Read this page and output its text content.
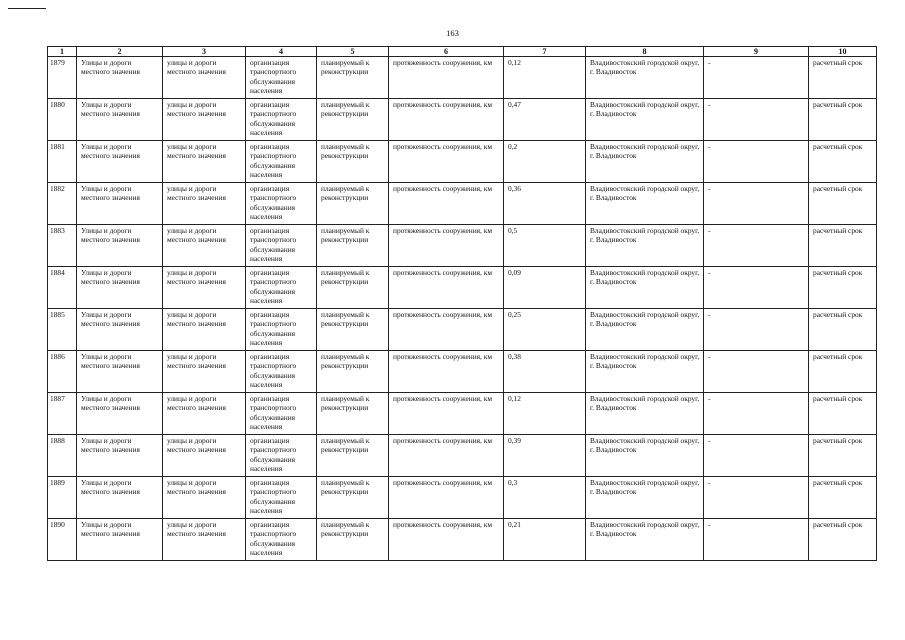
163
1	2	3	4	5	6	7	8	9	10
1879	Улицы и дороги местного значения	улицы и дороги местного значения	организация транспортного обслуживания населения	планируемый к реконструкции	протяженность сооружения, км	0,12	Владивостокский городской округ, г. Владивосток	-	расчетный срок
1880	Улицы и дороги местного значения	улицы и дороги местного значения	организация транспортного обслуживания населения	планируемый к реконструкции	протяженность сооружения, км	0,47	Владивостокский городской округ, г. Владивосток	-	расчетный срок
1881	Улицы и дороги местного значения	улицы и дороги местного значения	организация транспортного обслуживания населения	планируемый к реконструкции	протяженность сооружения, км	0,2	Владивостокский городской округ, г. Владивосток	-	расчетный срок
1882	Улицы и дороги местного значения	улицы и дороги местного значения	организация транспортного обслуживания населения	планируемый к реконструкции	протяженность сооружения, км	0,36	Владивостокский городской округ, г. Владивосток	-	расчетный срок
1883	Улицы и дороги местного значения	улицы и дороги местного значения	организация транспортного обслуживания населения	планируемый к реконструкции	протяженность сооружения, км	0,5	Владивостокский городской округ, г. Владивосток	-	расчетный срок
1884	Улицы и дороги местного значения	улицы и дороги местного значения	организация транспортного обслуживания населения	планируемый к реконструкции	протяженность сооружения, км	0,09	Владивостокский городской округ, г. Владивосток	-	расчетный срок
1885	Улицы и дороги местного значения	улицы и дороги местного значения	организация транспортного обслуживания населения	планируемый к реконструкции	протяженность сооружения, км	0,25	Владивостокский городской округ, г. Владивосток	-	расчетный срок
1886	Улицы и дороги местного значения	улицы и дороги местного значения	организация транспортного обслуживания населения	планируемый к реконструкции	протяженность сооружения, км	0,38	Владивостокский городской округ, г. Владивосток	-	расчетный срок
1887	Улицы и дороги местного значения	улицы и дороги местного значения	организация транспортного обслуживания населения	планируемый к реконструкции	протяженность сооружения, км	0,12	Владивостокский городской округ, г. Владивосток	-	расчетный срок
1888	Улицы и дороги местного значения	улицы и дороги местного значения	организация транспортного обслуживания населения	планируемый к реконструкции	протяженность сооружения, км	0,39	Владивостокский городской округ, г. Владивосток	-	расчетный срок
1889	Улицы и дороги местного значения	улицы и дороги местного значения	организация транспортного обслуживания населения	планируемый к реконструкции	протяженность сооружения, км	0,3	Владивостокский городской округ, г. Владивосток	-	расчетный срок
1890	Улицы и дороги местного значения	улицы и дороги местного значения	организация транспортного обслуживания населения	планируемый к реконструкции	протяженность сооружения, км	0,21	Владивостокский городской округ, г. Владивосток	-	расчетный срок
